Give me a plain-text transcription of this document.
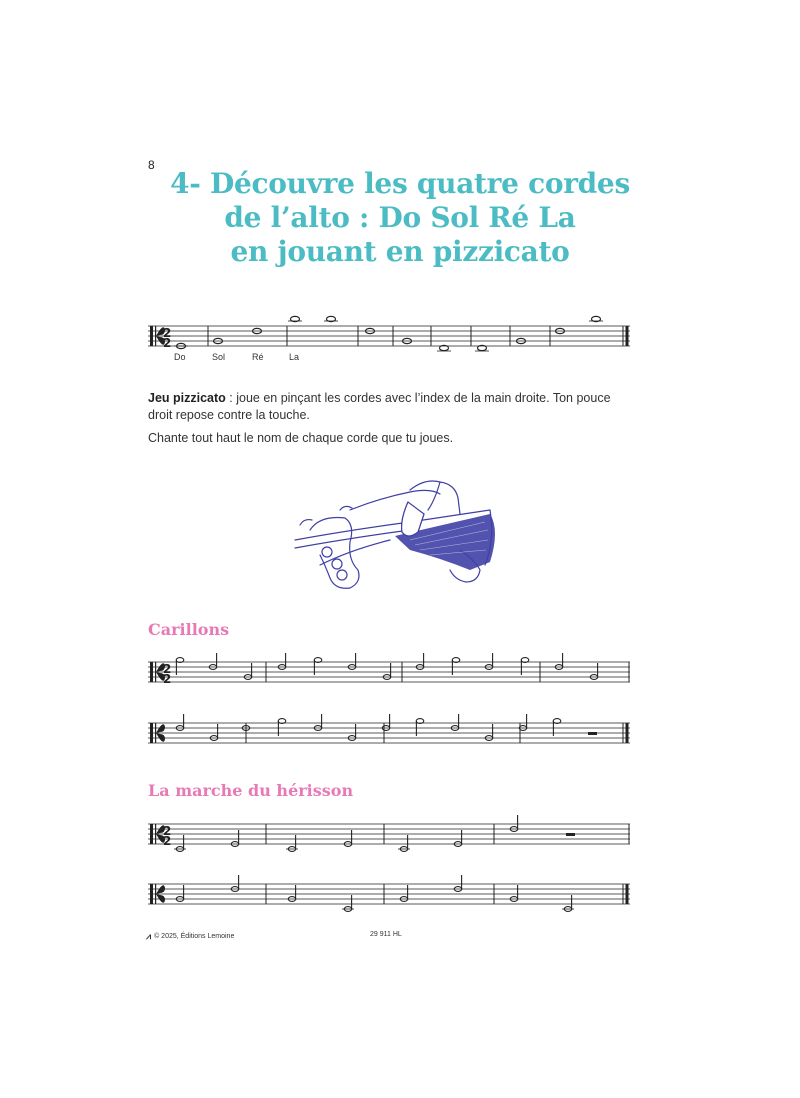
8
4- Découvre les quatre cordes
de l’alto : Do Sol Ré La
en jouant en pizzicato
2
2
Do	Sol	Ré	La
Jeu pizzicato : joue en pinçant les cordes avec l’index de la main droite. Ton pouce droit repose contre la touche.
Chante tout haut le nom de chaque corde que tu joues.
Carillons
2
2
La marche du hérisson
2
2
⩘ © 2025, Éditions Lemoine	29 911 HL
